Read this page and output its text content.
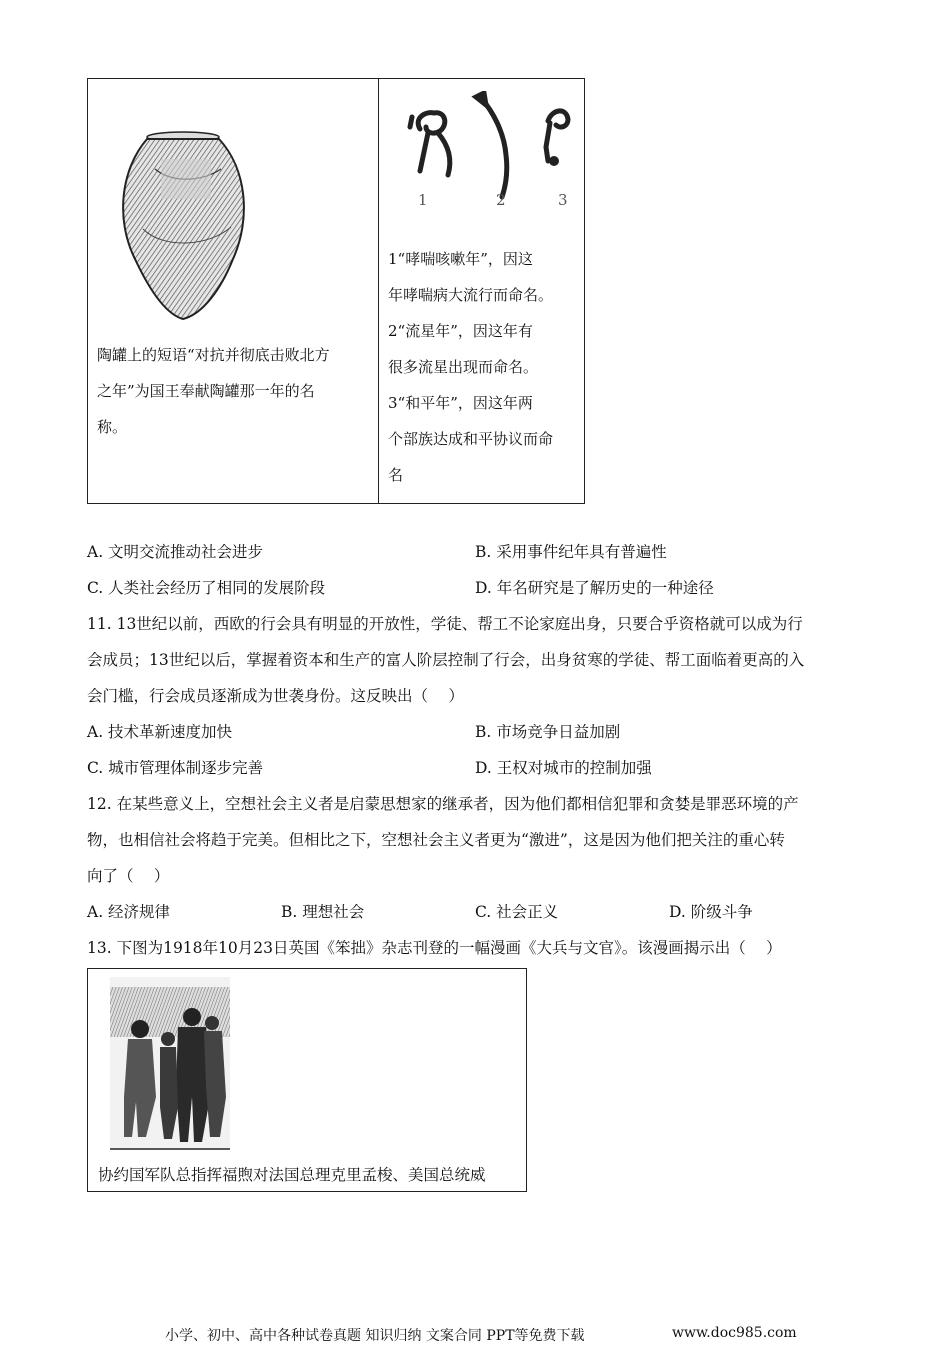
陶罐上的短语“对抗并彻底击败北方
之年”为国王奉献陶罐那一年的名
称。
1	2	3
1“哮喘咳嗽年”，因这
年哮喘病大流行而命名。
2“流星年”，因这年有
很多流星出现而命名。
3“和平年”，因这年两
个部族达成和平协议而命
名
A. 文明交流推动社会进步	B. 采用事件纪年具有普遍性
C. 人类社会经历了相同的发展阶段	D. 年名研究是了解历史的一种途径
11. 13世纪以前，西欧的行会具有明显的开放性，学徒、帮工不论家庭出身，只要合乎资格就可以成为行
会成员；13世纪以后，掌握着资本和生产的富人阶层控制了行会，出身贫寒的学徒、帮工面临着更高的入
会门槛，行会成员逐渐成为世袭身份。这反映出（　 ）
A. 技术革新速度加快	B. 市场竞争日益加剧
C. 城市管理体制逐步完善	D. 王权对城市的控制加强
12. 在某些意义上，空想社会主义者是启蒙思想家的继承者，因为他们都相信犯罪和贪婪是罪恶环境的产
物，也相信社会将趋于完美。但相比之下，空想社会主义者更为“激进”，这是因为他们把关注的重心转
向了（　 ）
A. 经济规律	B. 理想社会	C. 社会正义	D. 阶级斗争
13. 下图为1918年10月23日英国《笨拙》杂志刊登的一幅漫画《大兵与文官》。该漫画揭示出（　 ）
协约国军队总指挥福煦对法国总理克里孟梭、美国总统威
小学、初中、高中各种试卷真题 知识归纳 文案合同 PPT等免费下载	www.doc985.com
